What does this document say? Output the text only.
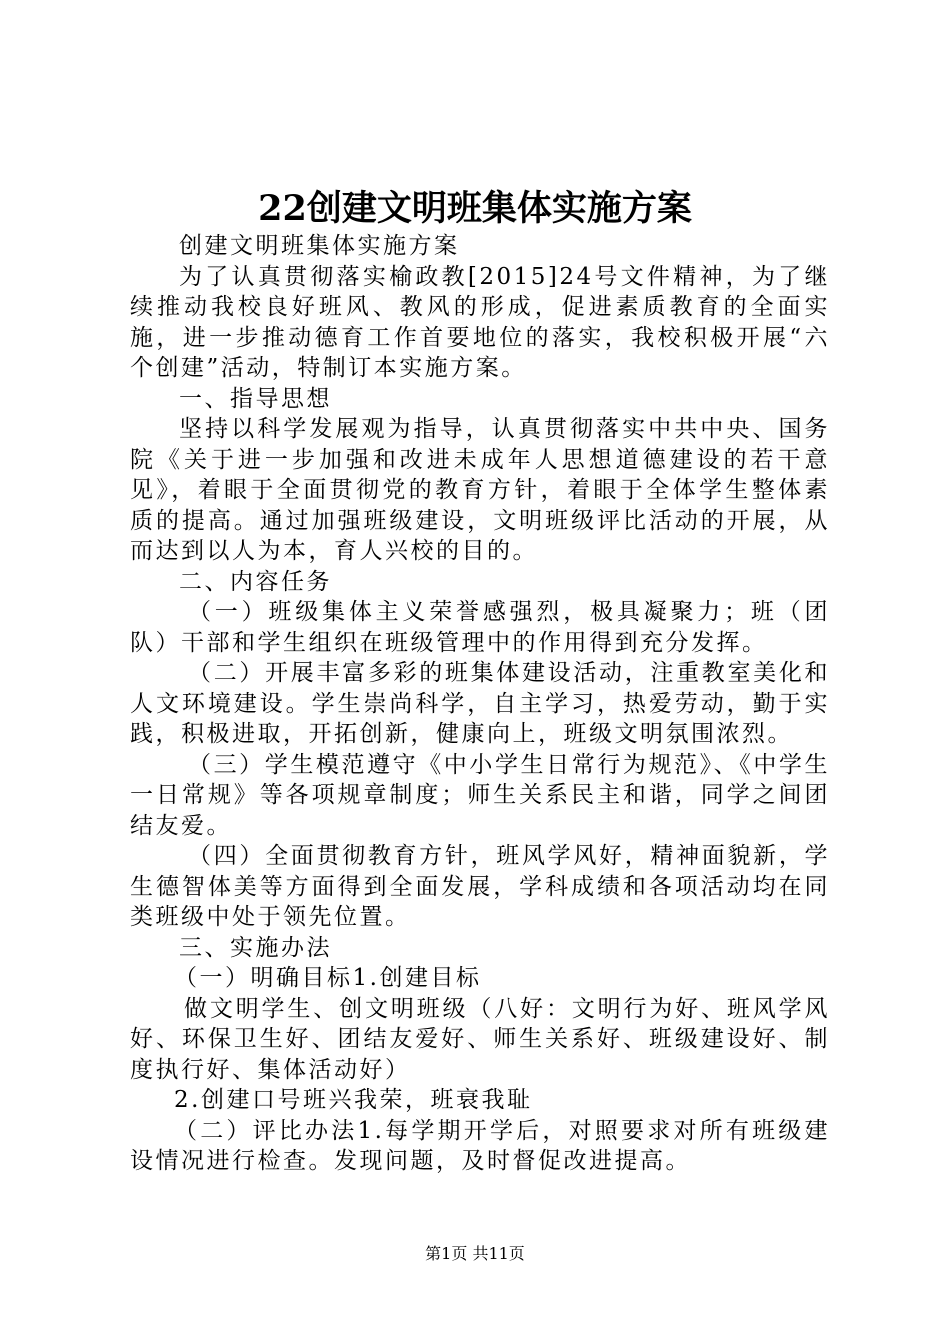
22创建文明班集体实施方案

创建文明班集体实施方案

为了认真贯彻落实榆政教[2015]24号文件精神，为了继续推动我校良好班风、教风的形成，促进素质教育的全面实施，进一步推动德育工作首要地位的落实，我校积极开展“六个创建”活动，特制订本实施方案。

一、指导思想

坚持以科学发展观为指导，认真贯彻落实中共中央、国务院《关于进一步加强和改进未成年人思想道德建设的若干意见》，着眼于全面贯彻党的教育方针，着眼于全体学生整体素质的提高。通过加强班级建设，文明班级评比活动的开展，从而达到以人为本，育人兴校的目的。

二、内容任务

（一）班级集体主义荣誉感强烈，极具凝聚力；班（团队）干部和学生组织在班级管理中的作用得到充分发挥。

（二）开展丰富多彩的班集体建设活动，注重教室美化和人文环境建设。学生崇尚科学，自主学习，热爱劳动，勤于实践，积极进取，开拓创新，健康向上，班级文明氛围浓烈。

（三）学生模范遵守《中小学生日常行为规范》、《中学生一日常规》等各项规章制度；师生关系民主和谐，同学之间团结友爱。

（四）全面贯彻教育方针，班风学风好，精神面貌新，学生德智体美等方面得到全面发展，学科成绩和各项活动均在同类班级中处于领先位置。

三、实施办法

（一）明确目标1.创建目标

做文明学生、创文明班级（八好：文明行为好、班风学风好、环保卫生好、团结友爱好、师生关系好、班级建设好、制度执行好、集体活动好）

2.创建口号班兴我荣，班衰我耻

（二）评比办法1.每学期开学后，对照要求对所有班级建设情况进行检查。发现问题，及时督促改进提高。

第1页 共11页
